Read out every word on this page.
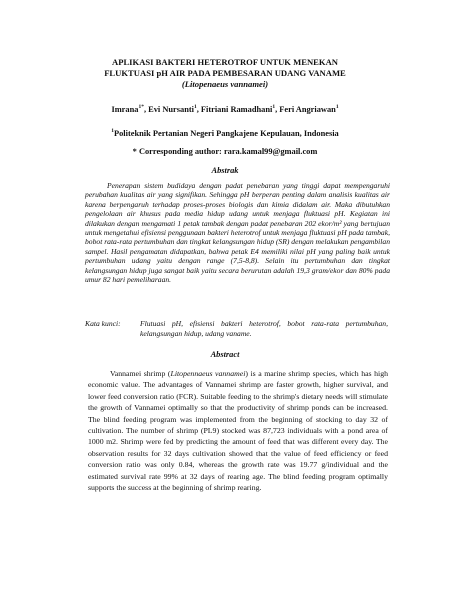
APLIKASI BAKTERI HETEROTROF UNTUK MENEKAN
FLUKTUASI pH AIR PADA PEMBESARAN UDANG VANAME
(Litopenaeus vannamei)
Imrana$^{1*}$, Evi Nursanti$^1$, Fitriani Ramadhani$^1$, Feri Angriawan$^1$
$^1$Politeknik Pertanian Negeri Pangkajene Kepulauan, Indonesia
* Corresponding author: rara.kamal99@gmail.com
Abstrak

Penerapan sistem budidaya dengan padat penebaran yang tinggi dapat mempengaruhi perubahan kualitas air yang signifikan. Sehingga pH berperan penting dalam analisis kualitas air karena berpengaruh terhadap proses-proses biologis dan kimia didalam air. Maka dibutuhkan pengelolaan air khusus pada media hidup udang untuk menjaga fluktuasi pH. Kegiatan ini dilakukan dengan mengamati 1 petak tambak dengan padat penebaran 202 ekor/m² yang bertujuan untuk mengetahui efisiensi penggunaan bakteri heterotrof untuk menjaga fluktuasi pH pada tambak, bobot rata-rata pertumbuhan dan tingkat kelangsungan hidup (SR) dengan melakukan pengambilan sampel. Hasil pengamatan didapatkan, bahwa petak E4 memiliki nilai pH yang paling baik untuk pertumbuhan udang yaitu dengan range (7,5-8,8). Selain itu pertumbuhan dan tingkat kelangsungan hidup juga sangat baik yaitu secara berurutan adalah 19,3 gram/ekor dan 80% pada umur 82 hari pemeliharaan.

Kata kunci:	Flutuasi pH, efisiensi bakteri heterotrof, bobot rata-rata pertumbuhan, kelangsungan hidup, udang vaname.
Abstract

Vannamei shrimp (Litopennaeus vannamei) is a marine shrimp species, which has high economic value. The advantages of Vannamei shrimp are faster growth, higher survival, and lower feed conversion ratio (FCR). Suitable feeding to the shrimp's dietary needs will stimulate the growth of Vannamei optimally so that the productivity of shrimp ponds can be increased. The blind feeding program was implemented from the beginning of stocking to day 32 of cultivation. The number of shrimp (PL9) stocked was 87,723 individuals with a pond area of 1000 m2. Shrimp were fed by predicting the amount of feed that was different every day. The observation results for 32 days cultivation showed that the value of feed efficiency or feed conversion ratio was only 0.84, whereas the growth rate was 19.77 g/individual and the estimated survival rate 99% at 32 days of rearing age. The blind feeding program optimally supports the success at the beginning of shrimp rearing.
